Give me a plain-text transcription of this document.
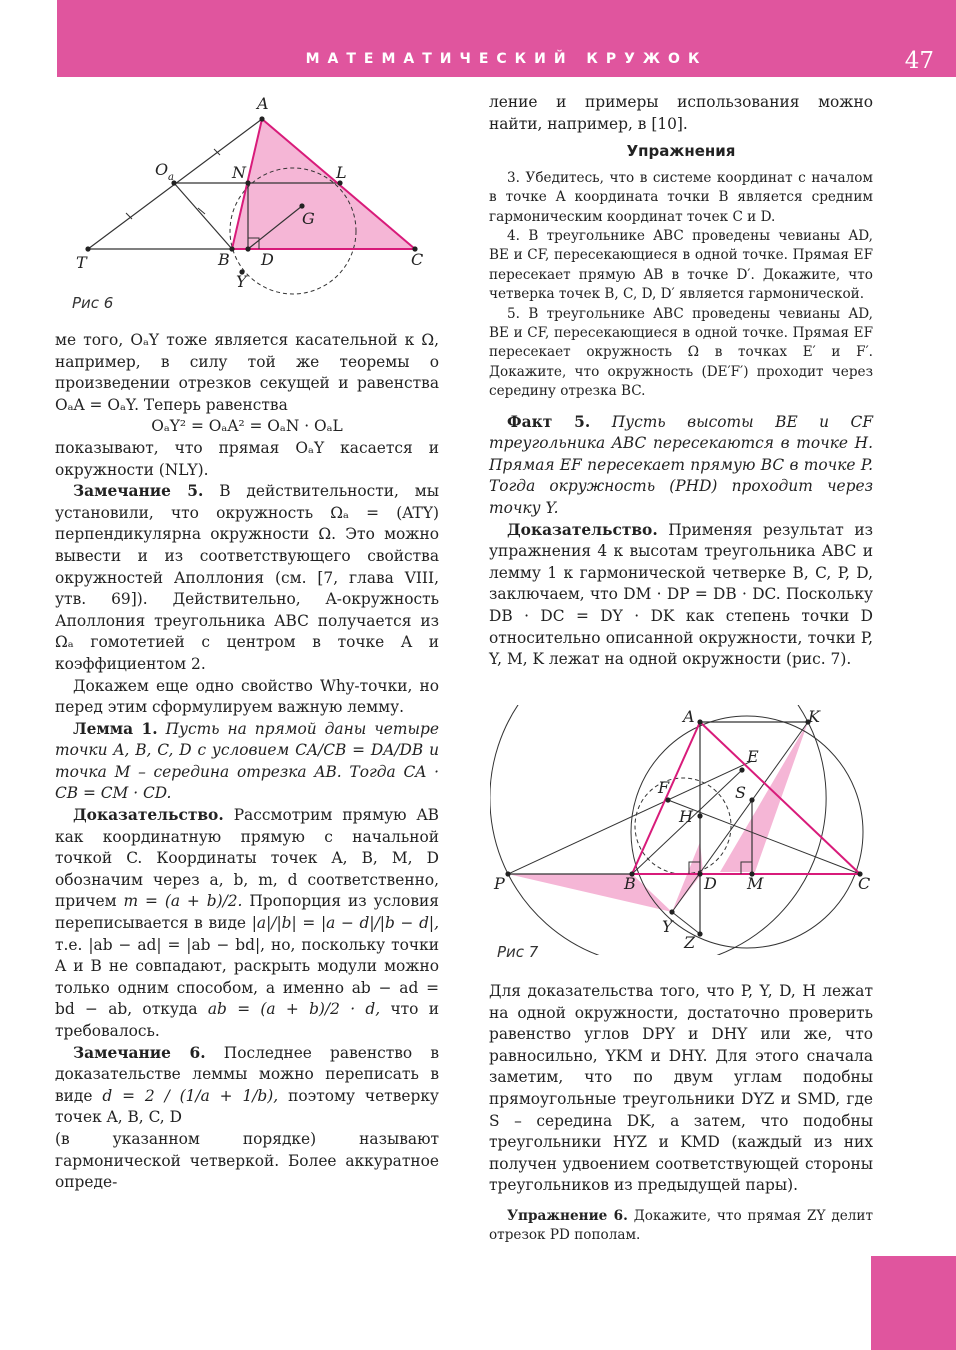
МАТЕМАТИЧЕСКИЙ КРУЖОК	47
A
O a	N	L
G
T	B D	C
Y
Рис 6
A	K
E
F	S
H
P	B	D M	C
Y
Z
Рис 7

ме того, OₐY тоже является касательной к Ω, например, в силу той же теоремы о произведении отрезков секущей и равенства OₐA = OₐY. Теперь равенства

OₐY² = OₐA² = OₐN · OₐL

показывают, что прямая OₐY касается и окружности (NLY).

Замечание 5. В действительности, мы установили, что окружность Ωₐ = (ATY) перпендикулярна окружности Ω. Это можно вывести и из соответствующего свойства окружностей Аполлония (см. [7, глава VIII, утв. 69]). Действительно, A-окружность Аполлония треугольника ABC получается из Ωₐ гомотетией с центром в точке A и коэффициентом 2.

Докажем еще одно свойство Why-точки, но перед этим сформулируем важную лемму.

Лемма 1. Пусть на прямой даны четыре точки A, B, C, D с условием CA/CB = DA/DB и точка M – середина отрезка AB. Тогда CA · CB = CM · CD.

Доказательство. Рассмотрим прямую AB как координатную прямую с начальной точкой C. Координаты точек A, B, M, D обозначим через a, b, m, d соответственно, причем m = (a + b)/2. Пропорция из условия переписывается в виде |a|/|b| = |a − d|/|b − d|, т.е. |ab − ad| = |ab − bd|, но, поскольку точки A и B не совпадают, раскрыть модули можно только одним способом, а именно ab − ad = bd − ab, откуда ab = (a + b)/2 · d, что и требовалось.

Замечание 6. Последнее равенство в доказательстве леммы можно переписать в виде d = 2 / (1/a + 1/b), поэтому четверку точек A, B, C, D

(в указанном порядке) называют гармонической четверкой. Более аккуратное опреде-

ление и примеры использования можно найти, например, в [10].

Упражнения

3. Убедитесь, что в системе координат с началом в точке A координата точки B является средним гармоническим координат точек C и D.

4. В треугольнике ABC проведены чевианы AD, BE и CF, пересекающиеся в одной точке. Прямая EF пересекает прямую AB в точке D′. Докажите, что четверка точек B, C, D, D′ является гармонической.

5. В треугольнике ABC проведены чевианы AD, BE и CF, пересекающиеся в одной точке. Прямая EF пересекает окружность Ω в точках E′ и F′. Докажите, что окружность (DE′F′) проходит через середину отрезка BC.

Факт 5. Пусть высоты BE и CF треугольника ABC пересекаются в точке H. Прямая EF пересекает прямую BC в точке P. Тогда окружность (PHD) проходит через точку Y.

Доказательство. Применяя результат из упражнения 4 к высотам треугольника ABC и лемму 1 к гармонической четверке B, C, P, D, заключаем, что DM · DP = DB · DC. Поскольку DB · DC = DY · DK как степень точки D относительно описанной окружности, точки P, Y, M, K лежат на одной окружности (рис. 7).

Для доказательства того, что P, Y, D, H лежат на одной окружности, достаточно проверить равенство углов DPY и DHY или же, что равносильно, YKM и DHY. Для этого сначала заметим, что по двум углам подобны прямоугольные треугольники DYZ и SMD, где S – середина DK, а затем, что подобны треугольники HYZ и KMD (каждый из них получен удвоением соответствующей стороны треугольников из предыдущей пары).

Упражнение 6. Докажите, что прямая ZY делит отрезок PD пополам.
